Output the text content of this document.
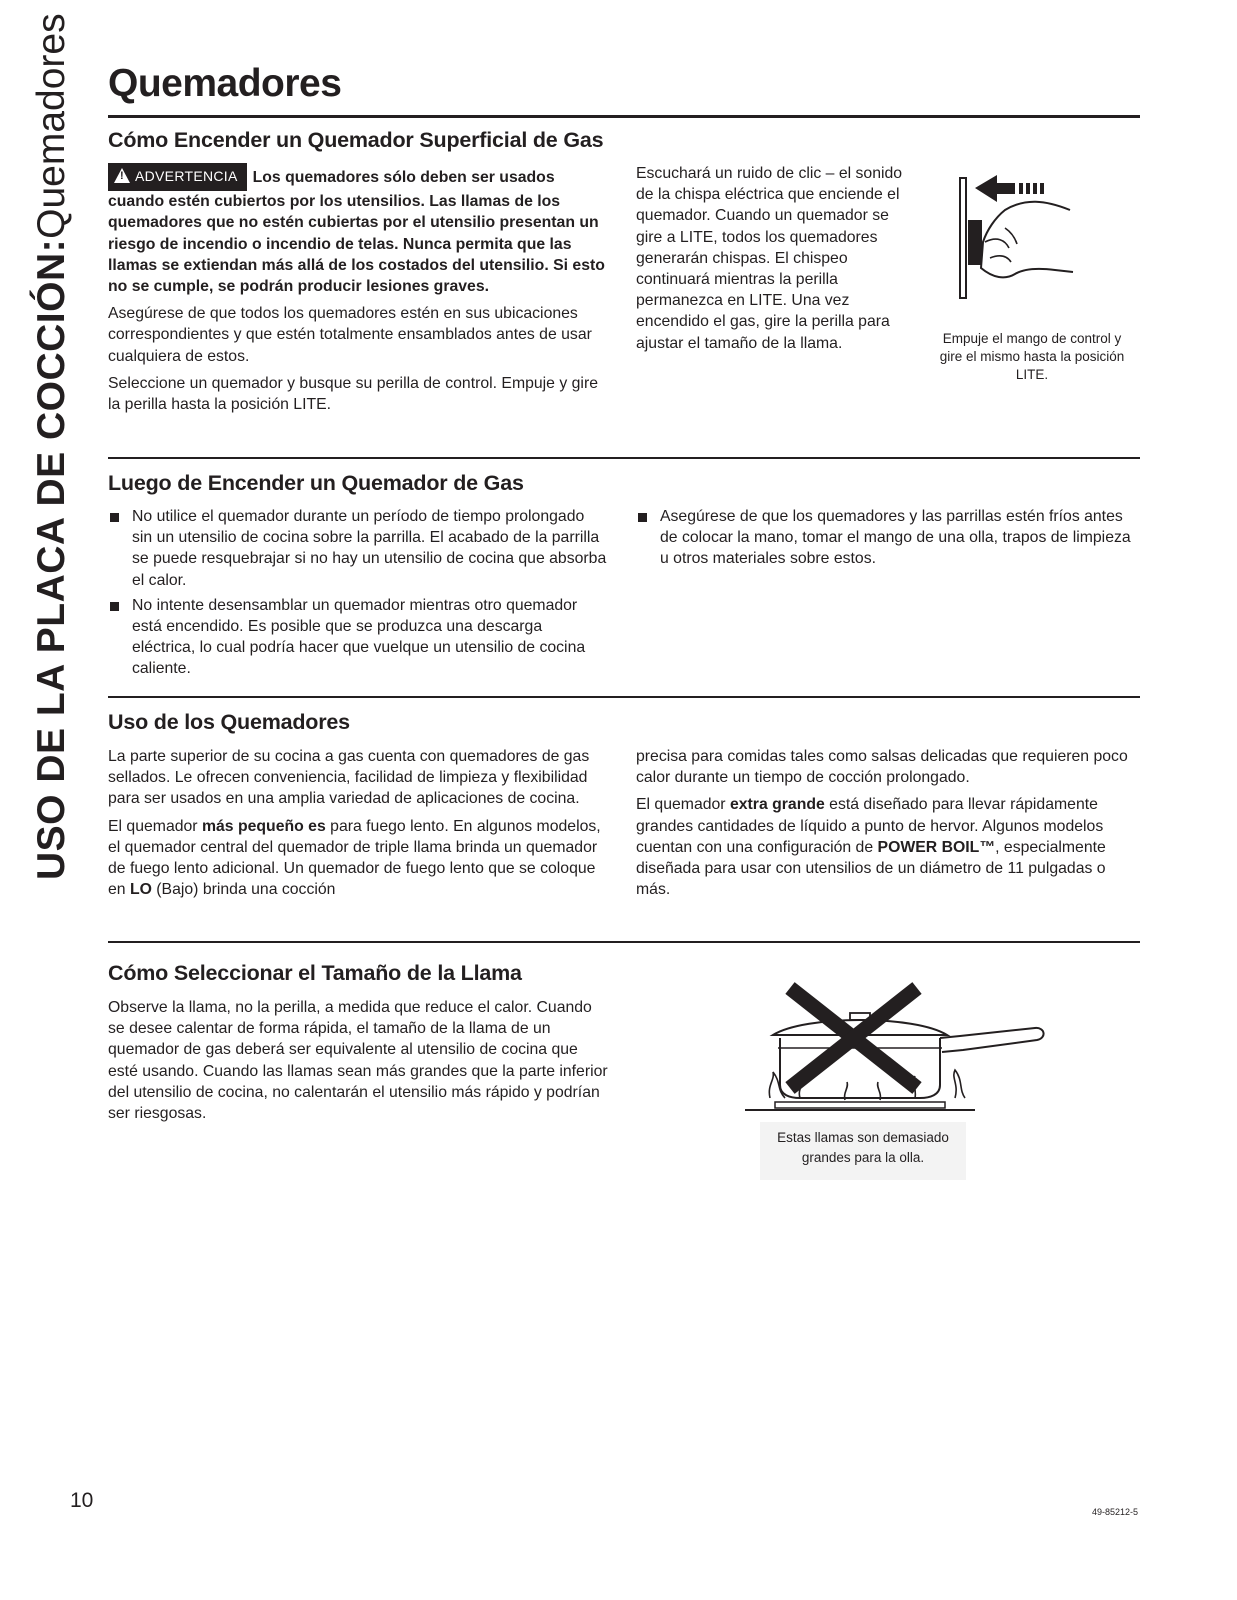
USO DE LA PLACA DE COCCIÓN:Quemadores Quemadores
Cómo Encender un Quemador Superficial de Gas

!ADVERTENCIA Los quemadores sólo deben ser usados cuando estén cubiertos por los utensilios. Las llamas de los quemadores que no estén cubiertas por el utensilio presentan un riesgo de incendio o incendio de telas. Nunca permita que las llamas se extiendan más allá de los costados del utensilio. Si esto no se cumple, se podrán producir lesiones graves.

Asegúrese de que todos los quemadores estén en sus ubicaciones correspondientes y que estén totalmente ensamblados antes de usar cualquiera de estos.

Seleccione un quemador y busque su perilla de control. Empuje y gire la perilla hasta la posición LITE.

Escuchará un ruido de clic – el sonido de la chispa eléctrica que enciende el quemador. Cuando un quemador se gire a LITE, todos los quemadores generarán chispas. El chispeo continuará mientras la perilla permanezca en LITE. Una vez encendido el gas, gire la perilla para ajustar el tamaño de la llama.	Empuje el mango de control y gire el mismo hasta la posición LITE.
Luego de Encender un Quemador de Gas
No utilice el quemador durante un período de tiempo prolongado sin un utensilio de cocina sobre la parrilla. El acabado de la parrilla se puede resquebrajar si no hay un utensilio de cocina que absorba el calor.
No intente desensamblar un quemador mientras otro quemador está encendido. Es posible que se produzca una descarga eléctrica, lo cual podría hacer que vuelque un utensilio de cocina caliente.
Asegúrese de que los quemadores y las parrillas estén fríos antes de colocar la mano, tomar el mango de una olla, trapos de limpieza u otros materiales sobre estos.
Uso de los Quemadores

La parte superior de su cocina a gas cuenta con quemadores de gas sellados. Le ofrecen conveniencia, facilidad de limpieza y flexibilidad para ser usados en una amplia variedad de aplicaciones de cocina.

El quemador más pequeño es para fuego lento. En algunos modelos, el quemador central del quemador de triple llama brinda un quemador de fuego lento adicional. Un quemador de fuego lento que se coloque en LO (Bajo) brinda una cocción

precisa para comidas tales como salsas delicadas que requieren poco calor durante un tiempo de cocción prolongado.

El quemador extra grande está diseñado para llevar rápidamente grandes cantidades de líquido a punto de hervor. Algunos modelos cuentan con una configuración de POWER BOIL™, especialmente diseñada para usar con utensilios de un diámetro de 11 pulgadas o más.

Cómo Seleccionar el Tamaño de la Llama

Observe la llama, no la perilla, a medida que reduce el calor. Cuando se desee calentar de forma rápida, el tamaño de la llama de un quemador de gas deberá ser equivalente al utensilio de cocina que esté usando. Cuando las llamas sean más grandes que la parte inferior del utensilio de cocina, no calentarán el utensilio más rápido y podrían ser riesgosas.

Estas llamas son demasiado grandes para la olla.
10	49-85212-5
